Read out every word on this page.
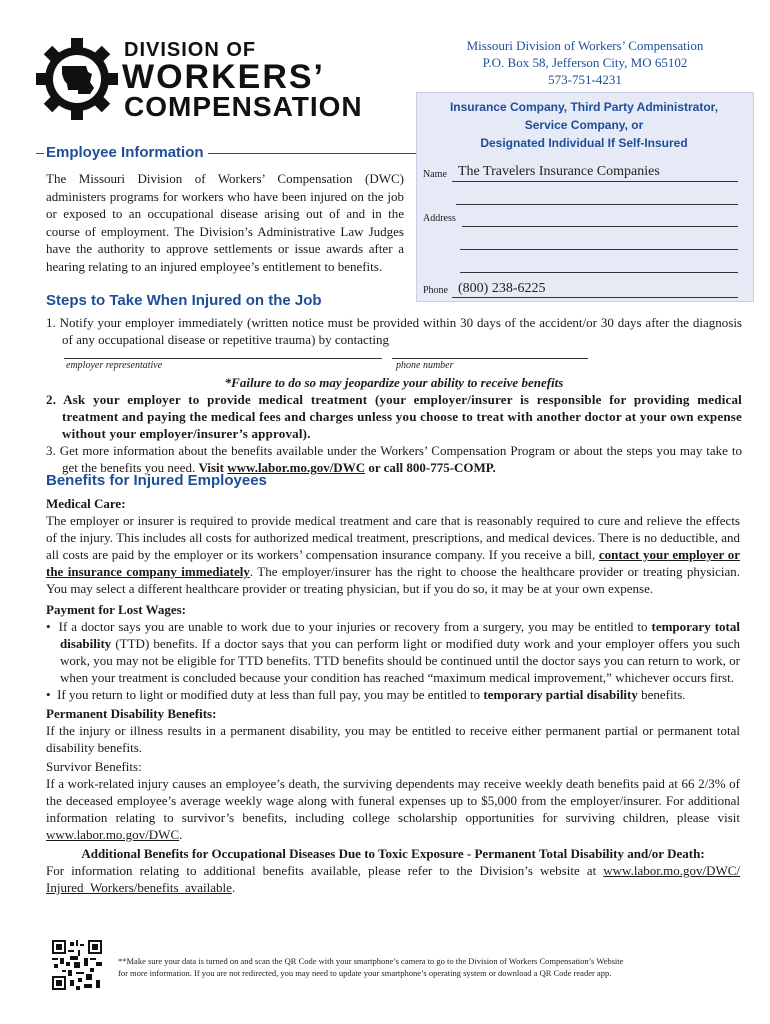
DIVISION OF
WORKERS’
COMPENSATION
Missouri Division of Workers’ Compensation
P.O. Box 58, Jefferson City, MO 65102
573-751-4231
Insurance Company, Third Party Administrator,
Service Company, or
Designated Individual If Self-Insured
Name The Travelers Insurance Companies
Address
Phone (800) 238-6225
Employee Information
The Missouri Division of Workers’ Compensation (DWC) administers programs for workers who have been injured on the job or exposed to an occupational disease arising out of and in the course of employment. The Division’s Administrative Law Judges have the authority to approve settlements or issue awards after a hearing relating to an injured employee’s entitlement to benefits.
Steps to Take When Injured on the Job
1. Notify your employer immediately (written notice must be provided within 30 days of the accident/or 30 days after the diagnosis of any occupational disease or repetitive trauma) by contacting
employer representative	phone number
*Failure to do so may jeopardize your ability to receive benefits
2. Ask your employer to provide medical treatment (your employer/insurer is responsible for providing medical treatment and paying the medical fees and charges unless you choose to treat with another doctor at your own expense without your employer/insurer’s approval).
3. Get more information about the benefits available under the Workers’ Compensation Program or about the steps you may take to get the benefits you need. Visit www.labor.mo.gov/DWC or call 800-775-COMP.
Benefits for Injured Employees
Medical Care:
The employer or insurer is required to provide medical treatment and care that is reasonably required to cure and relieve the effects of the injury. This includes all costs for authorized medical treatment, prescriptions, and medical devices. There is no deductible, and all costs are paid by the employer or its workers’ compensation insurance company. If you receive a bill, contact your employer or the insurance company immediately. The employer/insurer has the right to choose the healthcare provider or treating physician. You may select a different healthcare provider or treating physician, but if you do so, it may be at your own expense.
Payment for Lost Wages:
•  If a doctor says you are unable to work due to your injuries or recovery from a surgery, you may be entitled to temporary total disability (TTD) benefits. If a doctor says that you can perform light or modified duty work and your employer offers you such work, you may not be eligible for TTD benefits. TTD benefits should be continued until the doctor says you can return to work, or when your treatment is concluded because your condition has reached “maximum medical improvement,” whichever occurs first.
•  If you return to light or modified duty at less than full pay, you may be entitled to temporary partial disability benefits.
Permanent Disability Benefits:
If the injury or illness results in a permanent disability, you may be entitled to receive either permanent partial or permanent total disability benefits.
Survivor Benefits:
If a work-related injury causes an employee’s death, the surviving dependents may receive weekly death benefits paid at 66 2/3% of the deceased employee’s average weekly wage along with funeral expenses up to $5,000 from the employer/insurer. For additional information relating to survivor’s benefits, including college scholarship opportunities for surviving children, please visit www.labor.mo.gov/DWC.
Additional Benefits for Occupational Diseases Due to Toxic Exposure - Permanent Total Disability and/or Death:
For information relating to additional benefits available, please refer to the Division’s website at www.labor.mo.gov/DWC/ Injured_Workers/benefits_available.
**Make sure your data is turned on and scan the QR Code with your smartphone’s camera to go to the Division of Workers Compensation’s Website
for more information. If you are not redirected, you may need to update your smartphone’s operating system or download a QR Code reader app.
